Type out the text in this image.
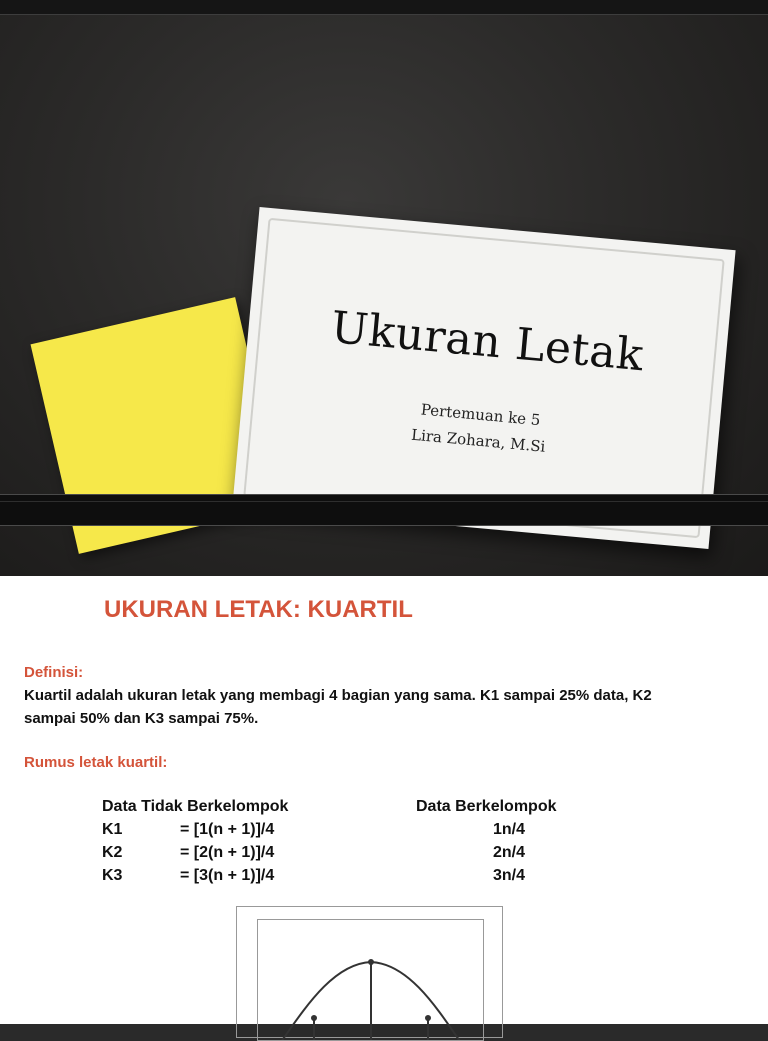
Ukuran Letak
Pertemuan ke 5
Lira Zohara, M.Si
UKURAN LETAK: KUARTIL
Definisi:
Kuartil adalah ukuran letak yang membagi 4 bagian yang sama. K1 sampai 25% data, K2
sampai 50% dan K3 sampai 75%.
Rumus letak kuartil:
Data Tidak Berkelompok	Data Berkelompok
K1	= [1(n + 1)]/4	1n/4
K2	= [2(n + 1)]/4	2n/4
K3	= [3(n + 1)]/4	3n/4
